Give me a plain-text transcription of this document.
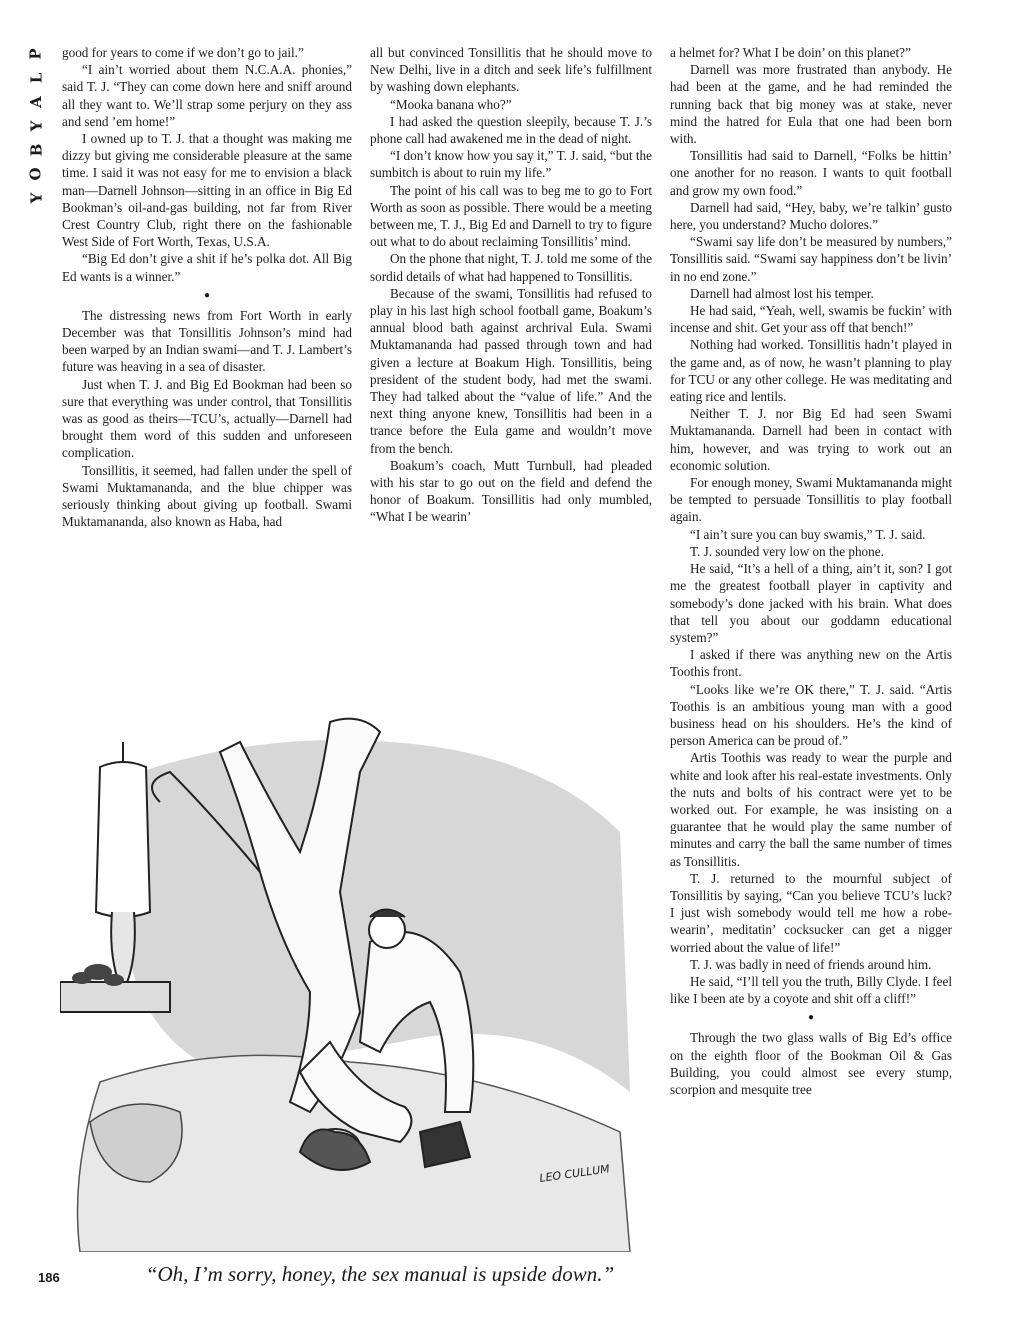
P
L
A
Y
B
O
Y

good for years to come if we don’t go to jail.”

“I ain’t worried about them N.C.A.A. phonies,” said T. J. “They can come down here and sniff around all they want to. We’ll strap some perjury on they ass and send ’em home!”

I owned up to T. J. that a thought was making me dizzy but giving me considerable pleasure at the same time. I said it was not easy for me to envision a black man—Darnell Johnson—sitting in an office in Big Ed Bookman’s oil-and-gas building, not far from River Crest Country Club, right there on the fashionable West Side of Fort Worth, Texas, U.S.A.

“Big Ed don’t give a shit if he’s polka dot. All Big Ed wants is a winner.”

●

The distressing news from Fort Worth in early December was that Tonsillitis Johnson’s mind had been warped by an Indian swami—and T. J. Lambert’s future was heaving in a sea of disaster.

Just when T. J. and Big Ed Bookman had been so sure that everything was under control, that Tonsillitis was as good as theirs—TCU’s, actually—Darnell had brought them word of this sudden and unforeseen complication.

Tonsillitis, it seemed, had fallen under the spell of Swami Muktamananda, and the blue chipper was seriously thinking about giving up football. Swami Muktamananda, also known as Haba, had

all but convinced Tonsillitis that he should move to New Delhi, live in a ditch and seek life’s fulfillment by washing down elephants.

“Mooka banana who?”

I had asked the question sleepily, because T. J.’s phone call had awakened me in the dead of night.

“I don’t know how you say it,” T. J. said, “but the sumbitch is about to ruin my life.”

The point of his call was to beg me to go to Fort Worth as soon as possible. There would be a meeting between me, T. J., Big Ed and Darnell to try to figure out what to do about reclaiming Tonsillitis’ mind.

On the phone that night, T. J. told me some of the sordid details of what had happened to Tonsillitis.

Because of the swami, Tonsillitis had refused to play in his last high school football game, Boakum’s annual blood bath against archrival Eula. Swami Muktamananda had passed through town and had given a lecture at Boakum High. Tonsillitis, being president of the student body, had met the swami. They had talked about the “value of life.” And the next thing anyone knew, Tonsillitis had been in a trance before the Eula game and wouldn’t move from the bench.

Boakum’s coach, Mutt Turnbull, had pleaded with his star to go out on the field and defend the honor of Boakum. Tonsillitis had only mumbled, “What I be wearin’

a helmet for? What I be doin’ on this planet?”

Darnell was more frustrated than anybody. He had been at the game, and he had reminded the running back that big money was at stake, never mind the hatred for Eula that one had been born with.

Tonsillitis had said to Darnell, “Folks be hittin’ one another for no reason. I wants to quit football and grow my own food.”

Darnell had said, “Hey, baby, we’re talkin’ gusto here, you understand? Mucho dolores.”

“Swami say life don’t be measured by numbers,” Tonsillitis said. “Swami say happiness don’t be livin’ in no end zone.”

Darnell had almost lost his temper.

He had said, “Yeah, well, swamis be fuckin’ with incense and shit. Get your ass off that bench!”

Nothing had worked. Tonsillitis hadn’t played in the game and, as of now, he wasn’t planning to play for TCU or any other college. He was meditating and eating rice and lentils.

Neither T. J. nor Big Ed had seen Swami Muktamananda. Darnell had been in contact with him, however, and was trying to work out an economic solution.

For enough money, Swami Muktamananda might be tempted to persuade Tonsillitis to play football again.

“I ain’t sure you can buy swamis,” T. J. said.

T. J. sounded very low on the phone.

He said, “It’s a hell of a thing, ain’t it, son? I got me the greatest football player in captivity and somebody’s done jacked with his brain. What does that tell you about our goddamn educational system?”

I asked if there was anything new on the Artis Toothis front.

“Looks like we’re OK there,” T. J. said. “Artis Toothis is an ambitious young man with a good business head on his shoulders. He’s the kind of person America can be proud of.”

Artis Toothis was ready to wear the purple and white and look after his real-estate investments. Only the nuts and bolts of his contract were yet to be worked out. For example, he was insisting on a guarantee that he would play the same number of minutes and carry the ball the same number of times as Tonsillitis.

T. J. returned to the mournful subject of Tonsillitis by saying, “Can you believe TCU’s luck? I just wish somebody would tell me how a robe-wearin’, meditatin’ cocksucker can get a nigger worried about the value of life!”

T. J. was badly in need of friends around him.

He said, “I’ll tell you the truth, Billy Clyde. I feel like I been ate by a coyote and shit off a cliff!”

●

Through the two glass walls of Big Ed’s office on the eighth floor of the Bookman Oil & Gas Building, you could almost see every stump, scorpion and mesquite tree

LEO CULLUM
186	“Oh, I’m sorry, honey, the sex manual is upside down.”
